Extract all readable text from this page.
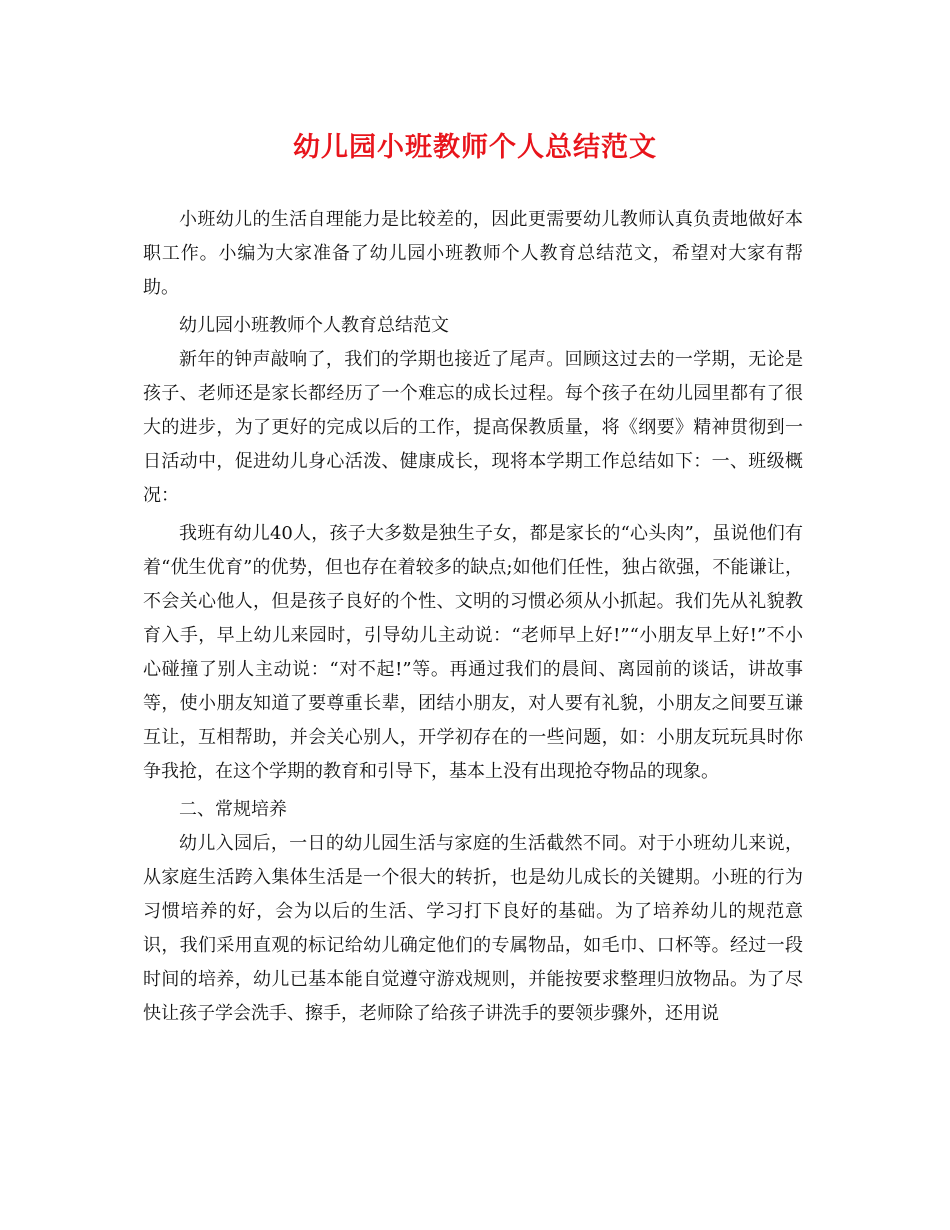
幼儿园小班教师个人总结范文

小班幼儿的生活自理能力是比较差的，因此更需要幼儿教师认真负责地做好本职工作。小编为大家准备了幼儿园小班教师个人教育总结范文，希望对大家有帮助。

幼儿园小班教师个人教育总结范文

新年的钟声敲响了，我们的学期也接近了尾声。回顾这过去的一学期，无论是孩子、老师还是家长都经历了一个难忘的成长过程。每个孩子在幼儿园里都有了很大的进步，为了更好的完成以后的工作，提高保教质量，将《纲要》精神贯彻到一日活动中，促进幼儿身心活泼、健康成长，现将本学期工作总结如下：一、班级概况：

我班有幼儿40人，孩子大多数是独生子女，都是家长的“心头肉”，虽说他们有着“优生优育”的优势，但也存在着较多的缺点;如他们任性，独占欲强，不能谦让，不会关心他人，但是孩子良好的个性、文明的习惯必须从小抓起。我们先从礼貌教育入手，早上幼儿来园时，引导幼儿主动说：“老师早上好!”“小朋友早上好!”不小心碰撞了别人主动说：“对不起!”等。再通过我们的晨间、离园前的谈话，讲故事等，使小朋友知道了要尊重长辈，团结小朋友，对人要有礼貌，小朋友之间要互谦互让，互相帮助，并会关心别人，开学初存在的一些问题，如：小朋友玩玩具时你争我抢，在这个学期的教育和引导下，基本上没有出现抢夺物品的现象。

二、常规培养

幼儿入园后，一日的幼儿园生活与家庭的生活截然不同。对于小班幼儿来说，从家庭生活跨入集体生活是一个很大的转折，也是幼儿成长的关键期。小班的行为习惯培养的好，会为以后的生活、学习打下良好的基础。为了培养幼儿的规范意识，我们采用直观的标记给幼儿确定他们的专属物品，如毛巾、口杯等。经过一段时间的培养，幼儿已基本能自觉遵守游戏规则，并能按要求整理归放物品。为了尽快让孩子学会洗手、擦手，老师除了给孩子讲洗手的要领步骤外，还用说
